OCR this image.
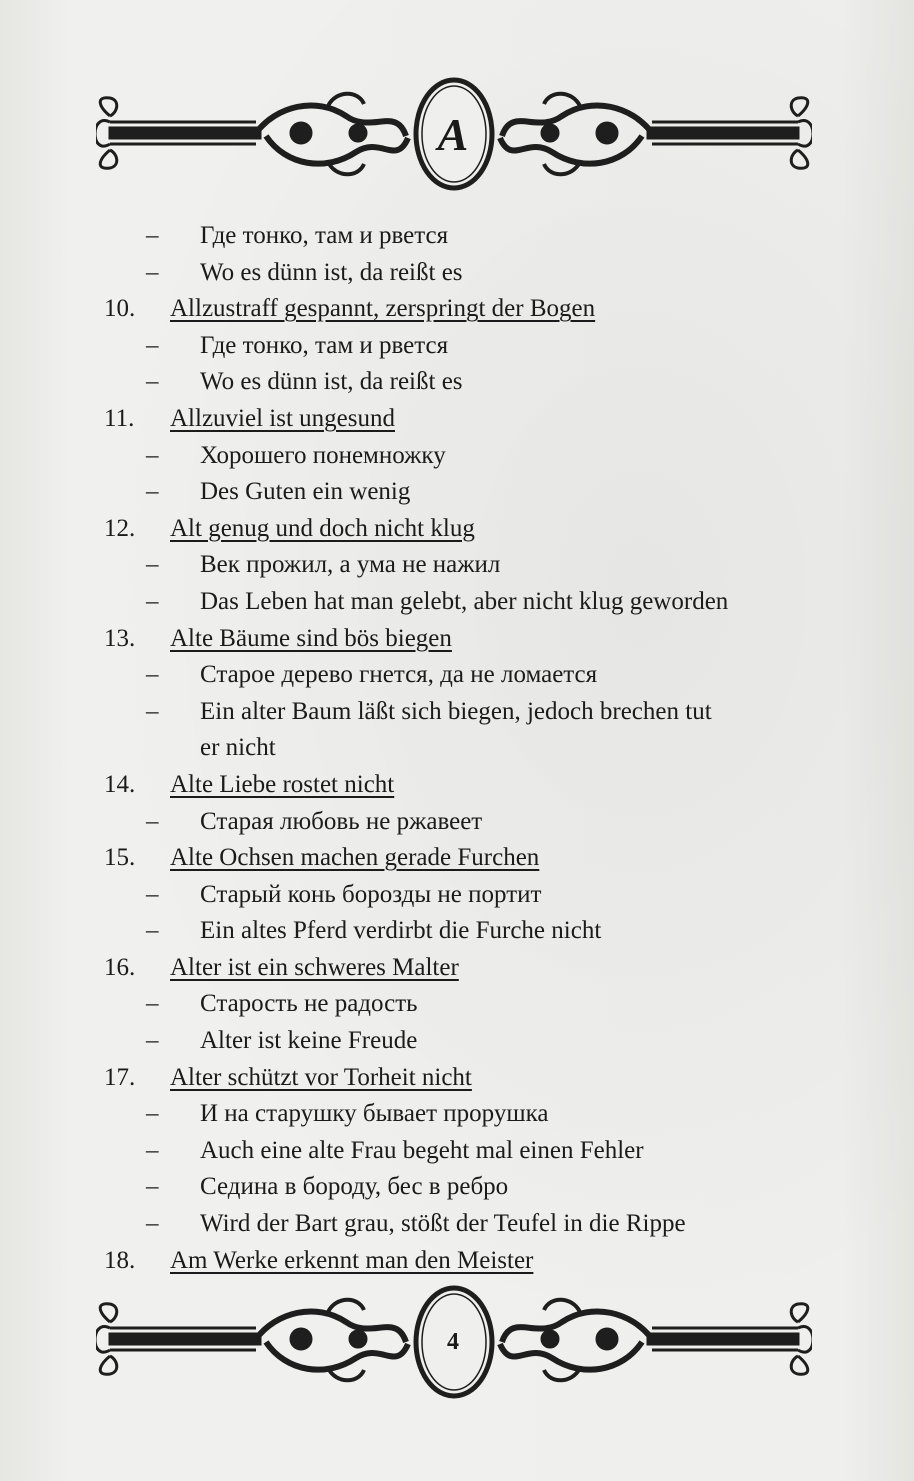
A
– Где тонко, там и рвется
– Wo es dünn ist, da reißt es
10.	Allzustraff gespannt, zerspringt der Bogen
– Где тонко, там и рвется
– Wo es dünn ist, da reißt es
11.	Allzuviel ist ungesund
– Хорошего понемножку
– Des Guten ein wenig
12.	Alt genug und doch nicht klug
– Век прожил, а ума не нажил
– Das Leben hat man gelebt, aber nicht klug geworden
13.	Alte Bäume sind bös biegen
– Старое дерево гнется, да не ломается
– Ein alter Baum läßt sich biegen, jedoch brechen tut
er nicht
14.	Alte Liebe rostet nicht
– Старая любовь не ржавеет
15.	Alte Ochsen machen gerade Furchen
– Старый конь борозды не портит
– Ein altes Pferd verdirbt die Furche nicht
16.	Alter ist ein schweres Malter
– Старость не радость
– Alter ist keine Freude
17.	Alter schützt vor Torheit nicht
– И на старушку бывает прорушка
– Auch eine alte Frau begeht mal einen Fehler
– Седина в бороду, бес в ребро
– Wird der Bart grau, stößt der Teufel in die Rippe
18.	Am Werke erkennt man den Meister
4
